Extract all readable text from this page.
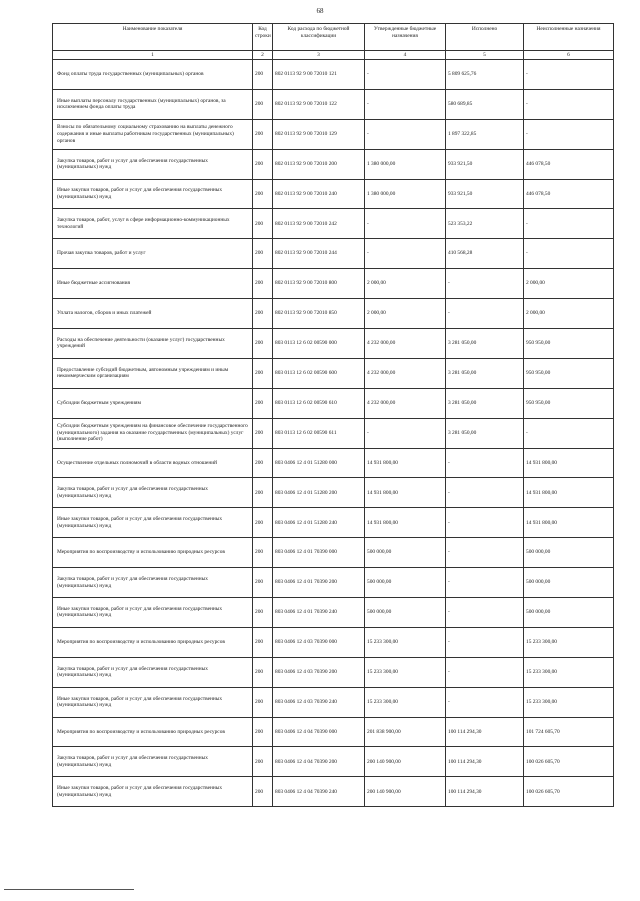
68
Наименование показателя	Код строки	Код расхода по бюджетной классификации	Утвержденные бюджетные назначения	Исполнено	Неисполненные назначения
1	2	3	4	5	6
Фонд оплаты труда государственных (муниципальных) органов	200	802 0113 92 9 00 72010 121	-	5 809 625,76	-
Иные выплаты персоналу государственных (муниципальных) органов, за исключением фонда оплаты труда	200	802 0113 92 9 00 72010 122	-	580 689,85	-
Взносы по обязательному социальному страхованию на выплаты денежного содержания и иные выплаты работникам государственных (муниципальных) органов	200	802 0113 92 9 00 72010 129	-	1 897 322,85	-
Закупка товаров, работ и услуг для обеспечения государственных (муниципальных) нужд	200	802 0113 92 9 00 72010 200	1 380 000,00	933 921,50	446 078,50
Иные закупки товаров, работ и услуг для обеспечения государственных (муниципальных) нужд	200	802 0113 92 9 00 72010 240	1 380 000,00	933 921,50	446 078,50
Закупка товаров, работ, услуг в сфере информационно-коммуникационных технологий	200	802 0113 92 9 00 72010 242	-	523 353,22	-
Прочая закупка товаров, работ и услуг	200	802 0113 92 9 00 72010 244	-	410 568,28	-
Иные бюджетные ассигнования	200	802 0113 92 9 00 72010 800	2 000,00	-	2 000,00
Уплата налогов, сборов и иных платежей	200	802 0113 92 9 00 72010 850	2 000,00	-	2 000,00
Расходы на обеспечение деятельности (оказание услуг) государственных учреждений	200	803 0113 12 6 02 00590 000	4 232 000,00	3 281 050,00	950 950,00
Предоставление субсидий бюджетным, автономным учреждениям и иным некоммерческим организациям	200	803 0113 12 6 02 00590 600	4 232 000,00	3 281 050,00	950 950,00
Субсидии бюджетным учреждениям	200	803 0113 12 6 02 00590 610	4 232 000,00	3 281 050,00	950 950,00
Субсидии бюджетным учреждениям на финансовое обеспечение государственного (муниципального) задания на оказание государственных (муниципальных) услуг (выполнение работ)	200	803 0113 12 6 02 00590 611	-	3 281 050,00	-
Осуществление отдельных полномочий в области водных отношений	200	803 0406 12 4 01 51280 000	14 931 800,00	-	14 931 800,00
Закупка товаров, работ и услуг для обеспечения государственных (муниципальных) нужд	200	803 0406 12 4 01 51280 200	14 931 800,00	-	14 931 800,00
Иные закупки товаров, работ и услуг для обеспечения государственных (муниципальных) нужд	200	803 0406 12 4 01 51280 240	14 931 800,00	-	14 931 800,00
Мероприятия по воспроизводству и использованию природных ресурсов	200	803 0406 12 4 01 70390 000	500 000,00	-	500 000,00
Закупка товаров, работ и услуг для обеспечения государственных (муниципальных) нужд	200	803 0406 12 4 01 70390 200	500 000,00	-	500 000,00
Иные закупки товаров, работ и услуг для обеспечения государственных (муниципальных) нужд	200	803 0406 12 4 01 70390 240	500 000,00	-	500 000,00
Мероприятия по воспроизводству и использованию природных ресурсов	200	803 0406 12 4 03 70390 000	15 233 300,00	-	15 233 300,00
Закупка товаров, работ и услуг для обеспечения государственных (муниципальных) нужд	200	803 0406 12 4 03 70390 200	15 233 300,00	-	15 233 300,00
Иные закупки товаров, работ и услуг для обеспечения государственных (муниципальных) нужд	200	803 0406 12 4 03 70390 240	15 233 300,00	-	15 233 300,00
Мероприятия по воспроизводству и использованию природных ресурсов	200	803 0406 12 4 04 70390 000	201 838 900,00	100 114 294,30	101 724 605,70
Закупка товаров, работ и услуг для обеспечения государственных (муниципальных) нужд	200	803 0406 12 4 04 70390 200	200 140 900,00	100 114 294,30	100 026 605,70
Иные закупки товаров, работ и услуг для обеспечения государственных (муниципальных) нужд	200	803 0406 12 4 04 70390 240	200 140 900,00	100 114 294,30	100 026 605,70
